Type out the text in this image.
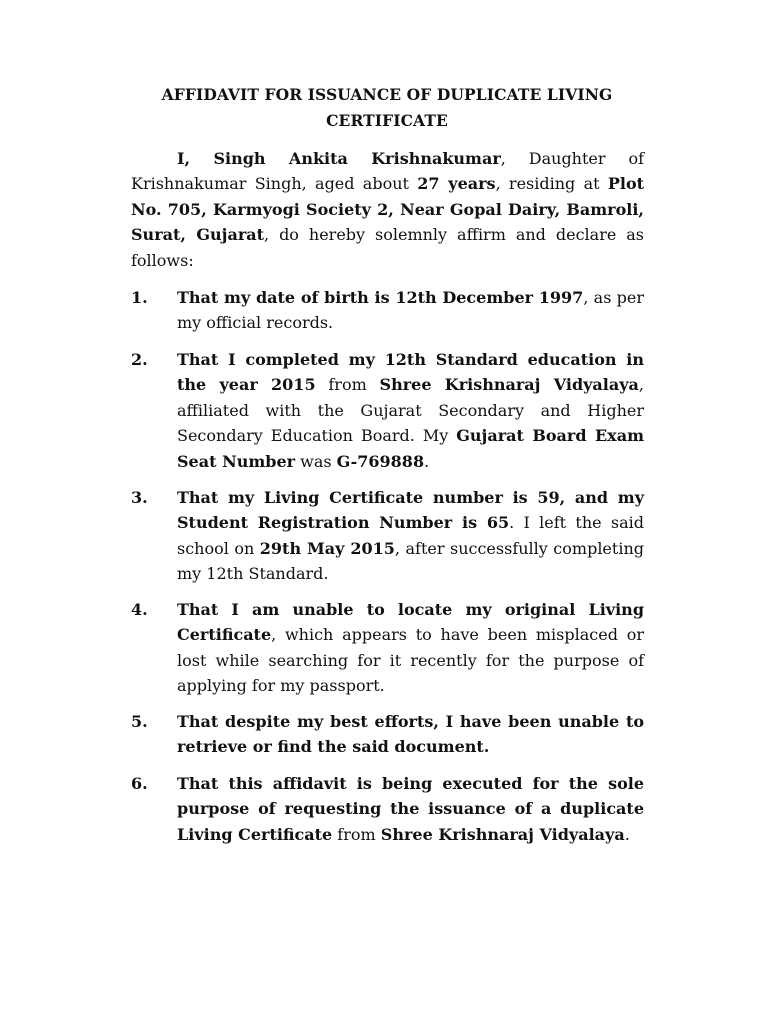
AFFIDAVIT FOR ISSUANCE OF DUPLICATE LIVING
CERTIFICATE
I, Singh Ankita Krishnakumar, Daughter of Krishnakumar Singh, aged about 27 years, residing at Plot No. 705, Karmyogi Society 2, Near Gopal Dairy, Bamroli, Surat, Gujarat, do hereby solemnly affirm and declare as follows:
1. That my date of birth is 12th December 1997, as per my official records.
2. That I completed my 12th Standard education in the year 2015 from Shree Krishnaraj Vidyalaya, affiliated with the Gujarat Secondary and Higher Secondary Education Board. My Gujarat Board Exam Seat Number was G-769888.
3. That my Living Certificate number is 59, and my Student Registration Number is 65. I left the said school on 29th May 2015, after successfully completing my 12th Standard.
4. That I am unable to locate my original Living Certificate, which appears to have been misplaced or lost while searching for it recently for the purpose of applying for my passport.
5. That despite my best efforts, I have been unable to retrieve or find the said document.
6. That this affidavit is being executed for the sole purpose of requesting the issuance of a duplicate Living Certificate from Shree Krishnaraj Vidyalaya.
